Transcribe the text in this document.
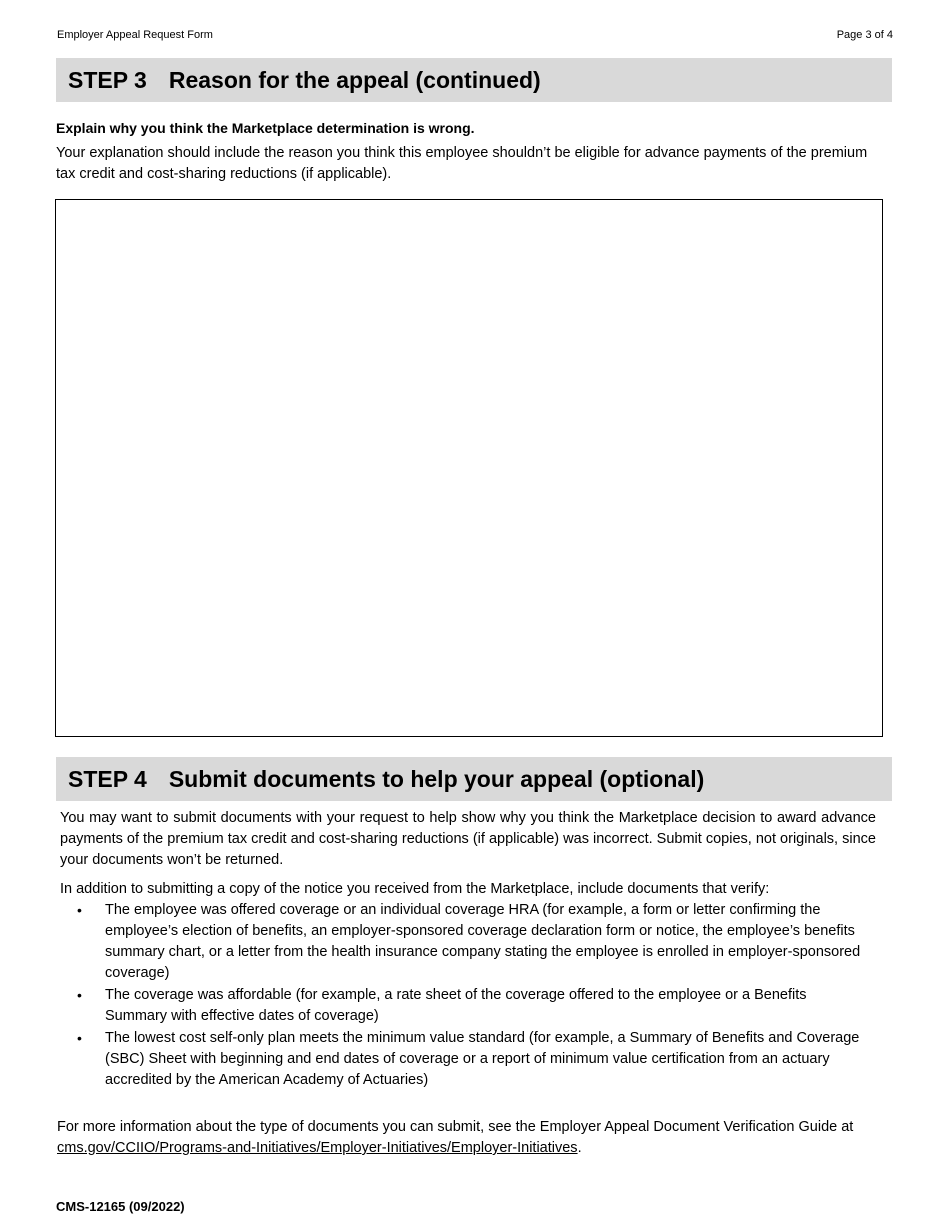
Employer Appeal Request Form	Page 3 of 4
STEP 3 Reason for the appeal (continued)
Explain why you think the Marketplace determination is wrong.
Your explanation should include the reason you think this employee shouldn’t be eligible for advance payments of the premium tax credit and cost-sharing reductions (if applicable).
STEP 4 Submit documents to help your appeal (optional)
You may want to submit documents with your request to help show why you think the Marketplace decision to award advance payments of the premium tax credit and cost-sharing reductions (if applicable) was incorrect. Submit copies, not originals, since your documents won’t be returned.
In addition to submitting a copy of the notice you received from the Marketplace, include documents that verify:
• The employee was offered coverage or an individual coverage HRA (for example, a form or letter confirming the employee’s election of benefits, an employer-sponsored coverage declaration form or notice, the employee’s benefits summary chart, or a letter from the health insurance company stating the employee is enrolled in employer-sponsored coverage)
• The coverage was affordable (for example, a rate sheet of the coverage offered to the employee or a Benefits Summary with effective dates of coverage)
• The lowest cost self-only plan meets the minimum value standard (for example, a Summary of Benefits and Coverage (SBC) Sheet with beginning and end dates of coverage or a report of minimum value certification from an actuary accredited by the American Academy of Actuaries)
For more information about the type of documents you can submit, see the Employer Appeal Document Verification Guide at cms.gov/CCIIO/Programs-and-Initiatives/Employer-Initiatives/Employer-Initiatives.
CMS-12165 (09/2022)
